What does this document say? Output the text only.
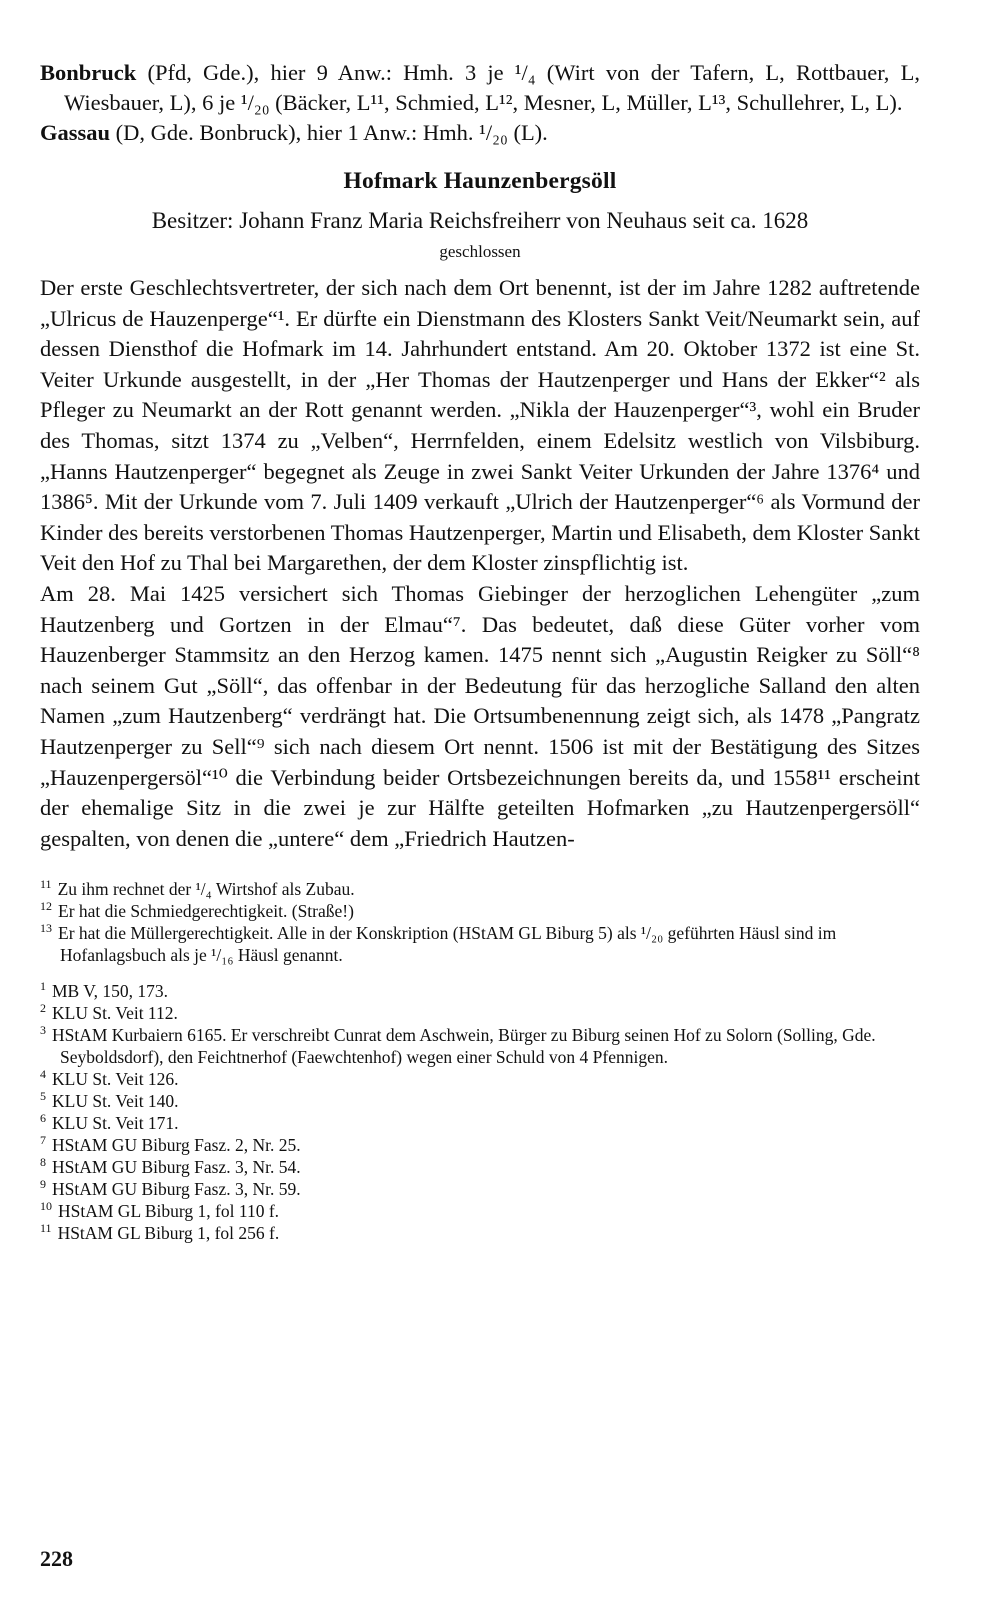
Bonbruck (Pfd, Gde.), hier 9 Anw.: Hmh. 3 je ¹/₄ (Wirt von der Tafern, L, Rottbauer, L, Wiesbauer, L), 6 je ¹/₂₀ (Bäcker, L¹¹, Schmied, L¹², Mesner, L, Müller, L¹³, Schullehrer, L, L).

Gassau (D, Gde. Bonbruck), hier 1 Anw.: Hmh. ¹/₂₀ (L).

Hofmark Haunzenbergsöll

Besitzer: Johann Franz Maria Reichsfreiherr von Neuhaus seit ca. 1628

geschlossen

Der erste Geschlechtsvertreter, der sich nach dem Ort benennt, ist der im Jahre 1282 auftretende „Ulricus de Hauzenperge“¹. Er dürfte ein Dienstmann des Klosters Sankt Veit/Neumarkt sein, auf dessen Diensthof die Hofmark im 14. Jahrhundert entstand. Am 20. Oktober 1372 ist eine St. Veiter Urkunde ausgestellt, in der „Her Thomas der Hautzenperger und Hans der Ekker“² als Pfleger zu Neumarkt an der Rott genannt werden. „Nikla der Hauzenperger“³, wohl ein Bruder des Thomas, sitzt 1374 zu „Velben“, Herrnfelden, einem Edelsitz westlich von Vilsbiburg. „Hanns Hautzenperger“ begegnet als Zeuge in zwei Sankt Veiter Urkunden der Jahre 1376⁴ und 1386⁵. Mit der Urkunde vom 7. Juli 1409 verkauft „Ulrich der Hautzenperger“⁶ als Vormund der Kinder des bereits verstorbenen Thomas Hautzenperger, Martin und Elisabeth, dem Kloster Sankt Veit den Hof zu Thal bei Margarethen, der dem Kloster zinspflichtig ist.

Am 28. Mai 1425 versichert sich Thomas Giebinger der herzoglichen Lehengüter „zum Hautzenberg und Gortzen in der Elmau“⁷. Das bedeutet, daß diese Güter vorher vom Hauzenberger Stammsitz an den Herzog kamen. 1475 nennt sich „Augustin Reigker zu Söll“⁸ nach seinem Gut „Söll“, das offenbar in der Bedeutung für das herzogliche Salland den alten Namen „zum Hautzenberg“ verdrängt hat. Die Ortsumbenennung zeigt sich, als 1478 „Pangratz Hautzenperger zu Sell“⁹ sich nach diesem Ort nennt. 1506 ist mit der Bestätigung des Sitzes „Hauzenpergersöl“¹⁰ die Verbindung beider Ortsbezeichnungen bereits da, und 1558¹¹ erscheint der ehemalige Sitz in die zwei je zur Hälfte geteilten Hofmarken „zu Hautzenpergersöll“ gespalten, von denen die „untere“ dem „Friedrich Hautzen-

$^{11}$ Zu ihm rechnet der ¹/₄ Wirtshof als Zubau.

$^{12}$ Er hat die Schmiedgerechtigkeit. (Straße!)

$^{13}$ Er hat die Müllergerechtigkeit. Alle in der Konskription (HStAM GL Biburg 5) als ¹/₂₀ geführten Häusl sind im Hofanlagsbuch als je ¹/₁₆ Häusl genannt.

$^1$ MB V, 150, 173.

$^2$ KLU St. Veit 112.

$^3$ HStAM Kurbaiern 6165. Er verschreibt Cunrat dem Aschwein, Bürger zu Biburg seinen Hof zu Solorn (Solling, Gde. Seyboldsdorf), den Feichtnerhof (Faewchtenhof) wegen einer Schuld von 4 Pfennigen.

$^4$ KLU St. Veit 126.

$^5$ KLU St. Veit 140.

$^6$ KLU St. Veit 171.

$^7$ HStAM GU Biburg Fasz. 2, Nr. 25.

$^8$ HStAM GU Biburg Fasz. 3, Nr. 54.

$^9$ HStAM GU Biburg Fasz. 3, Nr. 59.

$^{10}$ HStAM GL Biburg 1, fol 110 f.

$^{11}$ HStAM GL Biburg 1, fol 256 f.

228
